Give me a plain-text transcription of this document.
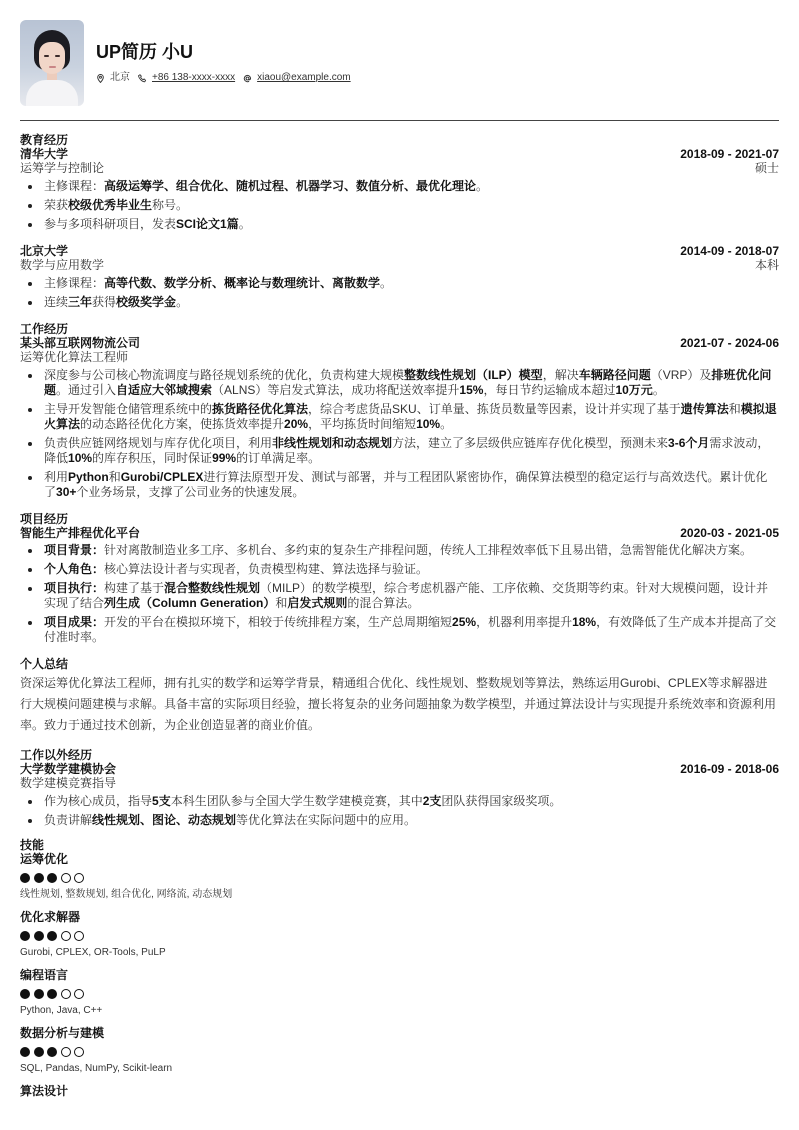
UP简历 小U
北京 +86 138-xxxx-xxxx xiaou@example.com
教育经历
清华大学	2018-09 - 2021-07
运筹学与控制论	硕士
主修课程：高级运筹学、组合优化、随机过程、机器学习、数值分析、最优化理论。
荣获校级优秀毕业生称号。
参与多项科研项目，发表SCI论文1篇。
北京大学	2014-09 - 2018-07
数学与应用数学	本科
主修课程：高等代数、数学分析、概率论与数理统计、离散数学。
连续三年获得校级奖学金。
工作经历
某头部互联网物流公司	2021-07 - 2024-06
运筹优化算法工程师
深度参与公司核心物流调度与路径规划系统的优化，负责构建大规模整数线性规划（ILP）模型，解决车辆路径问题（VRP）及排班优化问题。通过引入自适应大邻域搜索（ALNS）等启发式算法，成功将配送效率提升15%，每日节约运输成本超过10万元。
主导开发智能仓储管理系统中的拣货路径优化算法，综合考虑货品SKU、订单量、拣货员数量等因素，设计并实现了基于遗传算法和模拟退火算法的动态路径优化方案，使拣货效率提升20%，平均拣货时间缩短10%。
负责供应链网络规划与库存优化项目，利用非线性规划和动态规划方法，建立了多层级供应链库存优化模型，预测未来3-6个月需求波动，降低10%的库存积压，同时保证99%的订单满足率。
利用Python和Gurobi/CPLEX进行算法原型开发、测试与部署，并与工程团队紧密协作，确保算法模型的稳定运行与高效迭代。累计优化了30+个业务场景，支撑了公司业务的快速发展。
项目经历
智能生产排程优化平台	2020-03 - 2021-05
项目背景：针对离散制造业多工序、多机台、多约束的复杂生产排程问题，传统人工排程效率低下且易出错，急需智能优化解决方案。
个人角色：核心算法设计者与实现者，负责模型构建、算法选择与验证。
项目执行：构建了基于混合整数线性规划（MILP）的数学模型，综合考虑机器产能、工序依赖、交货期等约束。针对大规模问题，设计并实现了结合列生成（Column Generation）和启发式规则的混合算法。
项目成果：开发的平台在模拟环境下，相较于传统排程方案，生产总周期缩短25%，机器利用率提升18%，有效降低了生产成本并提高了交付准时率。
个人总结
资深运筹优化算法工程师，拥有扎实的数学和运筹学背景，精通组合优化、线性规划、整数规划等算法，熟练运用Gurobi、CPLEX等求解器进行大规模问题建模与求解。具备丰富的实际项目经验，擅长将复杂的业务问题抽象为数学模型，并通过算法设计与实现提升系统效率和资源利用率。致力于通过技术创新，为企业创造显著的商业价值。
工作以外经历
大学数学建模协会	2016-09 - 2018-06
数学建模竞赛指导
作为核心成员，指导5支本科生团队参与全国大学生数学建模竞赛，其中2支团队获得国家级奖项。
负责讲解线性规划、图论、动态规划等优化算法在实际问题中的应用。
技能
运筹优化
线性规划, 整数规划, 组合优化, 网络流, 动态规划
优化求解器
Gurobi, CPLEX, OR-Tools, PuLP
编程语言
Python, Java, C++
数据分析与建模
SQL, Pandas, NumPy, Scikit-learn
算法设计
